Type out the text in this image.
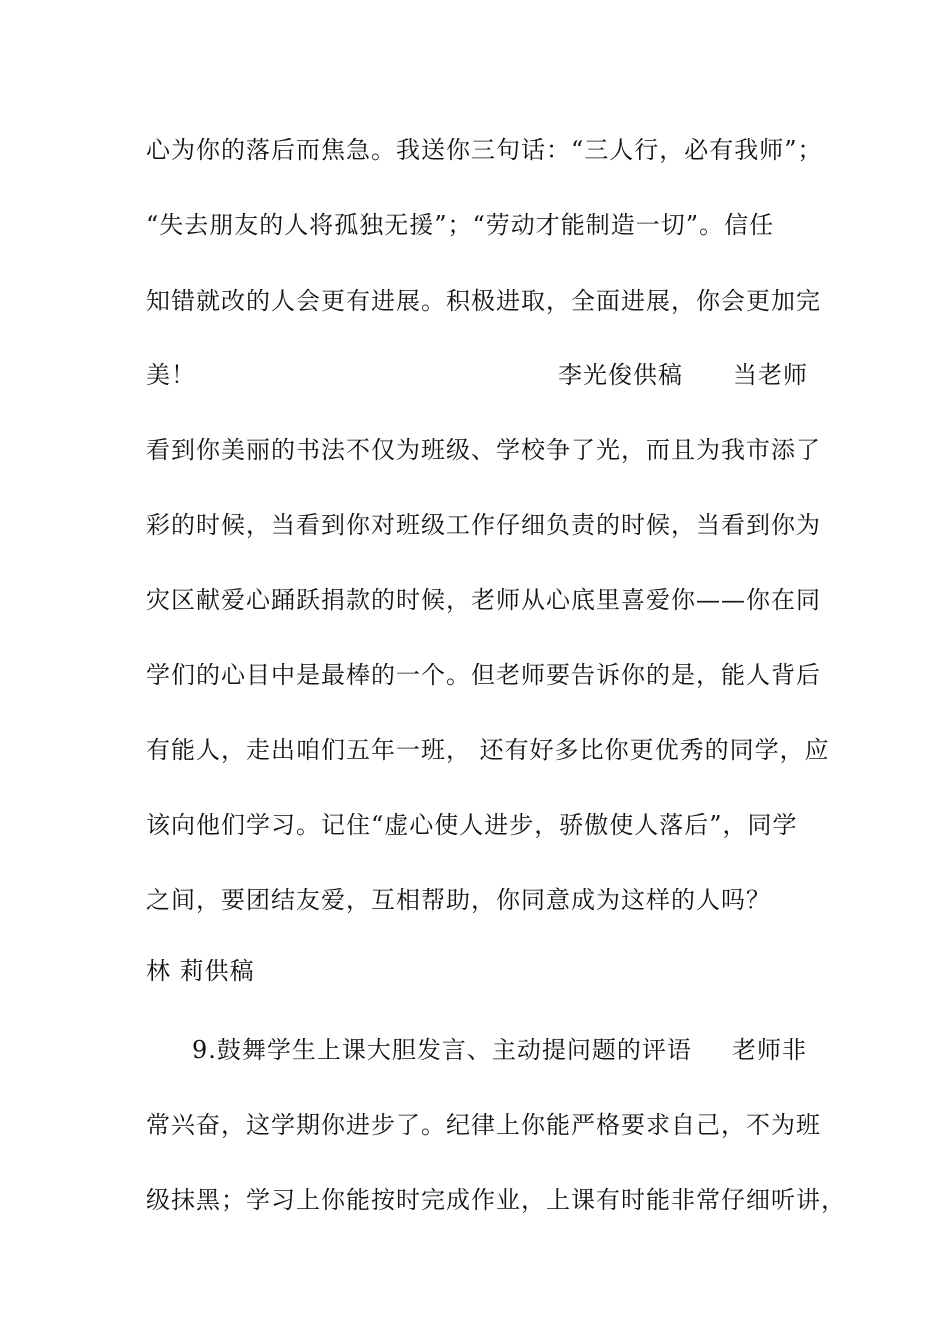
心为你的落后而焦急。我送你三句话：“三人行，必有我师”；
“失去朋友的人将孤独无援”；“劳动才能制造一切”。信任
知错就改的人会更有进展。积极进取，全面进展，你会更加完
美！	李光俊供稿 当老师
看到你美丽的书法不仅为班级、学校争了光，而且为我市添了
彩的时候，当看到你对班级工作仔细负责的时候，当看到你为
灾区献爱心踊跃捐款的时候，老师从心底里喜爱你——你在同
学们的心目中是最棒的一个。但老师要告诉你的是，能人背后
有能人，走出咱们五年一班， 还有好多比你更优秀的同学，应
该向他们学习。记住“虚心使人进步，骄傲使人落后”，同学
之间，要团结友爱，互相帮助，你同意成为这样的人吗？
林 莉供稿
9.鼓舞学生上课大胆发言、主动提问题的评语	老师非
常兴奋，这学期你进步了。纪律上你能严格要求自己，不为班
级抹黑；学习上你能按时完成作业，上课有时能非常仔细听讲，
